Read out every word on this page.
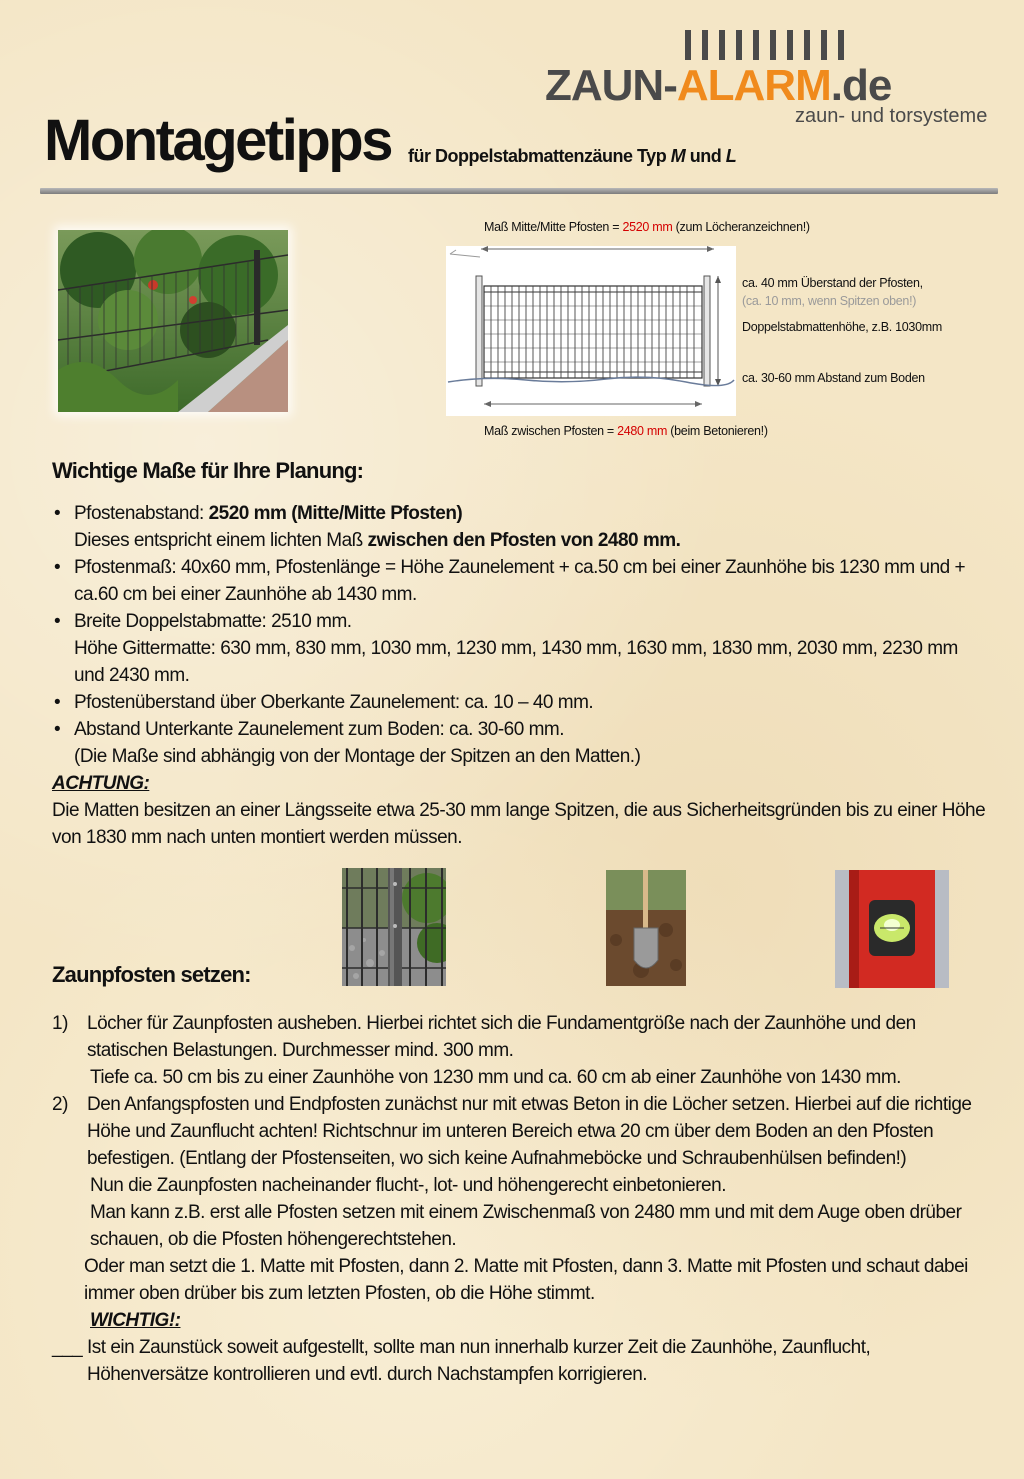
ZAUN-ALARM.de
zaun- und torsysteme
Montagetipps für Doppelstabmattenzäune Typ M und L
Maß Mitte/Mitte Pfosten = 2520 mm (zum Löcheranzeichnen!)
ca. 40 mm Überstand der Pfosten,
(ca. 10 mm, wenn Spitzen oben!)
Doppelstabmattenhöhe, z.B. 1030mm
ca. 30-60 mm Abstand zum Boden
Maß zwischen Pfosten = 2480 mm (beim Betonieren!)
Wichtige Maße für Ihre Planung:
• Pfostenabstand: 2520 mm (Mitte/Mitte Pfosten)
Dieses entspricht einem lichten Maß zwischen den Pfosten von 2480 mm.
• Pfostenmaß: 40x60 mm, Pfostenlänge = Höhe Zaunelement + ca.50 cm bei einer Zaunhöhe bis 1230 mm und + ca.60 cm bei einer Zaunhöhe ab 1430 mm.
• Breite Doppelstabmatte: 2510 mm.
Höhe Gittermatte: 630 mm, 830 mm, 1030 mm, 1230 mm, 1430 mm, 1630 mm, 1830 mm, 2030 mm, 2230 mm und 2430 mm.
• Pfostenüberstand über Oberkante Zaunelement: ca. 10 – 40 mm.
• Abstand Unterkante Zaunelement zum Boden: ca. 30-60 mm.
(Die Maße sind abhängig von der Montage der Spitzen an den Matten.)
ACHTUNG:
Die Matten besitzen an einer Längsseite etwa 25-30 mm lange Spitzen, die aus Sicherheitsgründen bis zu einer Höhe von 1830 mm nach unten montiert werden müssen.
Zaunpfosten setzen:
1) Löcher für Zaunpfosten ausheben. Hierbei richtet sich die Fundamentgröße nach der Zaunhöhe und den statischen Belastungen. Durchmesser mind. 300 mm.
Tiefe ca. 50 cm bis zu einer Zaunhöhe von 1230 mm und ca. 60 cm ab einer Zaunhöhe von 1430 mm.
2) Den Anfangspfosten und Endpfosten zunächst nur mit etwas Beton in die Löcher setzen. Hierbei auf die richtige Höhe und Zaunflucht achten! Richtschnur im unteren Bereich etwa 20 cm über dem Boden an den Pfosten befestigen. (Entlang der Pfostenseiten, wo sich keine Aufnahmeböcke und Schraubenhülsen befinden!)
Nun die Zaunpfosten nacheinander flucht-, lot- und höhengerecht einbetonieren.
Man kann z.B. erst alle Pfosten setzen mit einem Zwischenmaß von 2480 mm und mit dem Auge oben drüber schauen, ob die Pfosten höhengerechtstehen.
Oder man setzt die 1. Matte mit Pfosten, dann 2. Matte mit Pfosten, dann 3. Matte mit Pfosten und schaut dabei immer oben drüber bis zum letzten Pfosten, ob die Höhe stimmt.
WICHTIG!:
___ Ist ein Zaunstück soweit aufgestellt, sollte man nun innerhalb kurzer Zeit die Zaunhöhe, Zaunflucht, Höhenversätze kontrollieren und evtl. durch Nachstampfen korrigieren.
